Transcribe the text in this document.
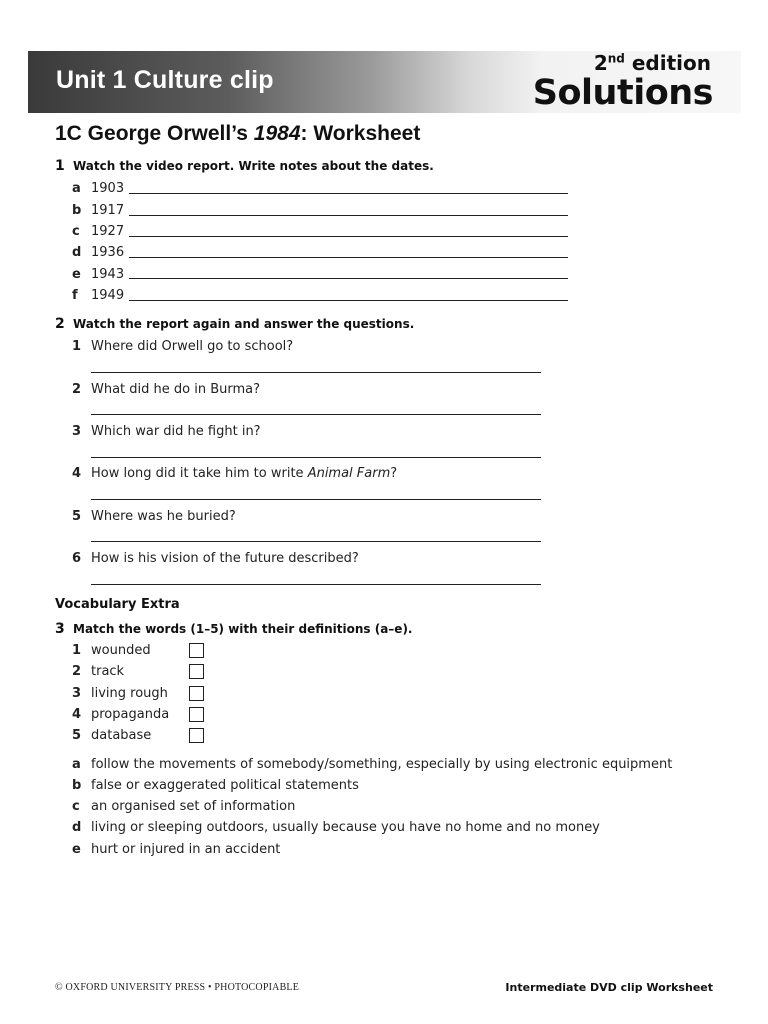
Unit 1 Culture clip
2nd edition
Solutions
1C George Orwell’s 1984: Worksheet
1 Watch the video report. Write notes about the dates.
a 1903
b 1917
c 1927
d 1936
e 1943
f	1949
2 Watch the report again and answer the questions.
1 Where did Orwell go to school?
2 What did he do in Burma?
3 Which war did he fight in?
4 How long did it take him to write Animal Farm?
5 Where was he buried?
6 How is his vision of the future described?
Vocabulary Extra
3 Match the words (1–5) with their definitions (a–e).
1 wounded
2 track
3 living rough
4 propaganda
5 database
a follow the movements of somebody/something, especially by using electronic equipment
b false or exaggerated political statements
c an organised set of information
d living or sleeping outdoors, usually because you have no home and no money
e hurt or injured in an accident
© OXFORD UNIVERSITY PRESS • PHOTOCOPIABLE	Intermediate DVD clip Worksheet
